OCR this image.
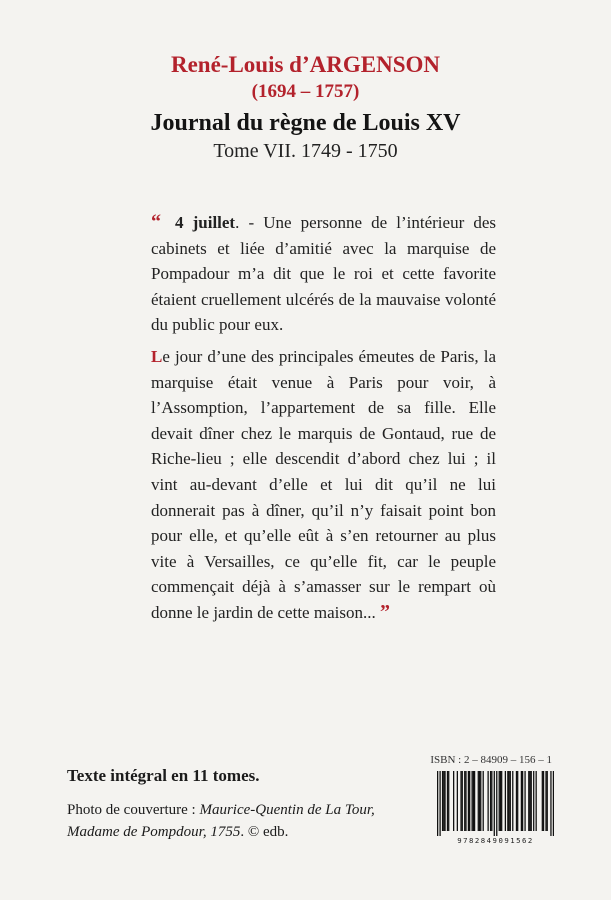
René-Louis d’ARGENSON

(1694 – 1757)

Journal du règne de Louis XV

Tome VII. 1749 - 1750

“ 4 juillet. - Une personne de l’intérieur des cabinets et liée d’amitié avec la marquise de Pompadour m’a dit que le roi et cette favorite étaient cruellement ulcérés de la mauvaise volonté du public pour eux.

Le jour d’une des principales émeutes de Paris, la marquise était venue à Paris pour voir, à l’Assomption, l’appartement de sa fille. Elle devait dîner chez le marquis de Gontaud, rue de Riche-lieu ; elle descendit d’abord chez lui ; il vint au-devant d’elle et lui dit qu’il ne lui donnerait pas à dîner, qu’il n’y faisait point bon pour elle, et qu’elle eût à s’en retourner au plus vite à Versailles, ce qu’elle fit, car le peuple commençait déjà à s’amasser sur le rempart où donne le jardin de cette maison... ”

Texte intégral en 11 tomes.

Photo de couverture : Maurice-Quentin de La Tour,
Madame de Pompdour, 1755. © edb.

ISBN : 2 – 84909 – 156 – 1
9782849091562
